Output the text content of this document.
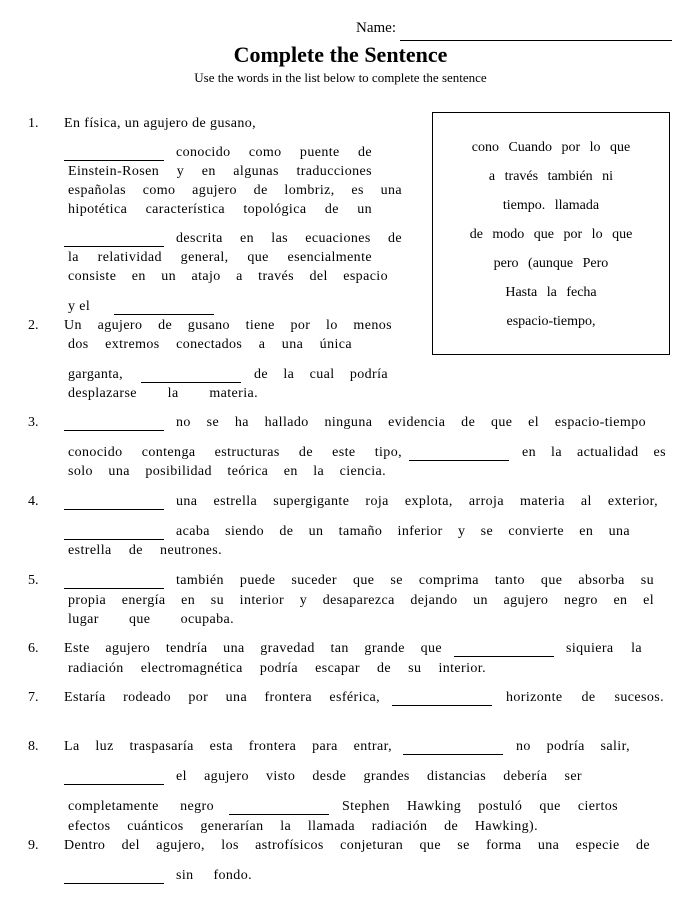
Name:
Complete the Sentence
Use the words in the list below to complete the sentence
cono Cuando por lo que
a través también ni
tiempo. llamada
de modo que por lo que
pero (aunque Pero
Hasta la fecha
espacio-tiempo,
1. En física, un agujero de gusano,
conocido como puente de
Einstein-Rosen y en algunas traducciones
españolas como agujero de lombriz, es una
hipotética característica topológica de un
descrita en las ecuaciones de
la relatividad general, que esencialmente
consiste en un atajo a través del espacio
y el
2. Un agujero de gusano tiene por lo menos
dos extremos conectados a una única
garganta,	de la cual podría
desplazarse la materia.
3.	no se ha hallado ninguna evidencia de que el espacio-tiempo
conocido contenga estructuras de este tipo,	en la actualidad es
solo una posibilidad teórica en la ciencia.
4.	una estrella supergigante roja explota, arroja materia al exterior,
acaba siendo de un tamaño inferior y se convierte en una
estrella de neutrones.
5.	también puede suceder que se comprima tanto que absorba su
propia energía en su interior y desaparezca dejando un agujero negro en el
lugar que ocupaba.
6. Este agujero tendría una gravedad tan grande que	siquiera la
radiación electromagnética podría escapar de su interior.
7. Estaría rodeado por una frontera esférica,	horizonte de sucesos.
8. La luz traspasaría esta frontera para entrar,	no podría salir,
el agujero visto desde grandes distancias debería ser
completamente negro	Stephen Hawking postuló que ciertos
efectos cuánticos generarían la llamada radiación de Hawking).
9. Dentro del agujero, los astrofísicos conjeturan que se forma una especie de
sin fondo.
